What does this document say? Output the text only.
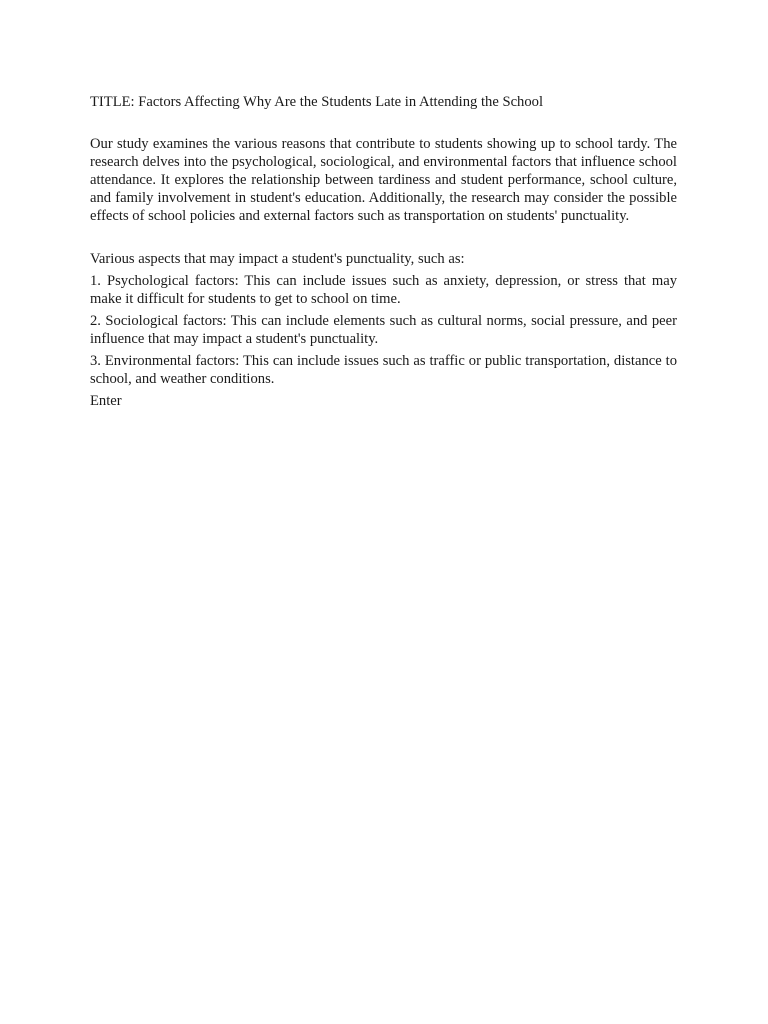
TITLE: Factors Affecting Why Are the Students Late in Attending the School

Our study examines the various reasons that contribute to students showing up to school tardy. The research delves into the psychological, sociological, and environmental factors that influence school attendance. It explores the relationship between tardiness and student performance, school culture, and family involvement in student's education. Additionally, the research may consider the possible effects of school policies and external factors such as transportation on students' punctuality.

Various aspects that may impact a student's punctuality, such as:

1. Psychological factors: This can include issues such as anxiety, depression, or stress that may make it difficult for students to get to school on time.

2. Sociological factors: This can include elements such as cultural norms, social pressure, and peer influence that may impact a student's punctuality.

3. Environmental factors: This can include issues such as traffic or public transportation, distance to school, and weather conditions.

Enter
